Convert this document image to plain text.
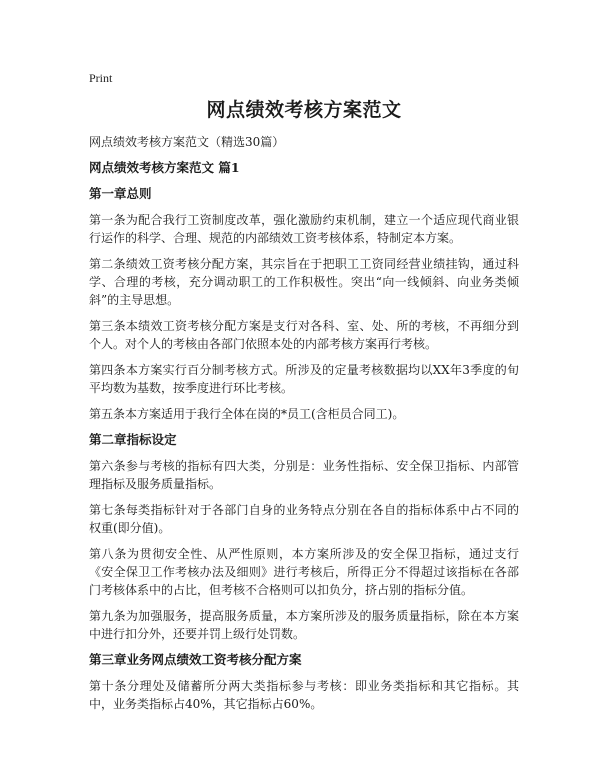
Print
网点绩效考核方案范文

网点绩效考核方案范文（精选30篇）

网点绩效考核方案范文 篇1
第一章总则

第一条为配合我行工资制度改革，强化激励约束机制，建立一个适应现代商业银行运作的科学、合理、规范的内部绩效工资考核体系，特制定本方案。

第二条绩效工资考核分配方案，其宗旨在于把职工工资同经营业绩挂钩，通过科学、合理的考核，充分调动职工的工作积极性。突出“向一线倾斜、向业务类倾斜”的主导思想。

第三条本绩效工资考核分配方案是支行对各科、室、处、所的考核，不再细分到个人。对个人的考核由各部门依照本处的内部考核方案再行考核。

第四条本方案实行百分制考核方式。所涉及的定量考核数据均以XX年3季度的旬平均数为基数，按季度进行环比考核。

第五条本方案适用于我行全体在岗的*员工(含柜员合同工)。

第二章指标设定

第六条参与考核的指标有四大类，分别是：业务性指标、安全保卫指标、内部管理指标及服务质量指标。

第七条每类指标针对于各部门自身的业务特点分别在各自的指标体系中占不同的权重(即分值)。

第八条为贯彻安全性、从严性原则，本方案所涉及的安全保卫指标，通过支行《安全保卫工作考核办法及细则》进行考核后，所得正分不得超过该指标在各部门考核体系中的占比，但考核不合格则可以扣负分，挤占别的指标分值。

第九条为加强服务，提高服务质量，本方案所涉及的服务质量指标，除在本方案中进行扣分外，还要并罚上级行处罚数。

第三章业务网点绩效工资考核分配方案

第十条分理处及储蓄所分两大类指标参与考核：即业务类指标和其它指标。其中，业务类指标占40%，其它指标占60%。
